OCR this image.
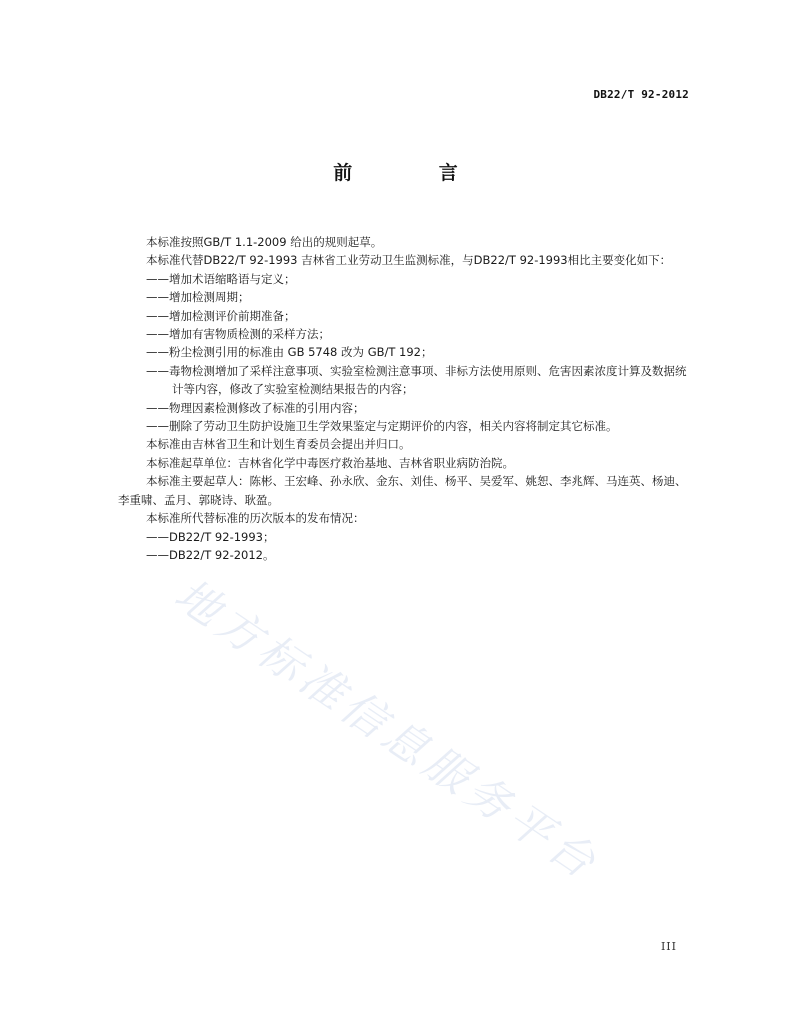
DB22/T 92-2012
前 言

本标准按照GB/T 1.1-2009 给出的规则起草。

本标准代替DB22/T 92-1993 吉林省工业劳动卫生监测标准，与DB22/T 92-1993相比主要变化如下：

——增加术语缩略语与定义；

——增加检测周期；

——增加检测评价前期准备；

——增加有害物质检测的采样方法；

——粉尘检测引用的标准由 GB 5748 改为 GB/T 192；

——毒物检测增加了采样注意事项、实验室检测注意事项、非标方法使用原则、危害因素浓度计算及数据统计等内容，修改了实验室检测结果报告的内容；

——物理因素检测修改了标准的引用内容；

——删除了劳动卫生防护设施卫生学效果鉴定与定期评价的内容，相关内容将制定其它标准。

本标准由吉林省卫生和计划生育委员会提出并归口。

本标准起草单位：吉林省化学中毒医疗救治基地、吉林省职业病防治院。

本标准主要起草人：陈彬、王宏峰、孙永欣、金东、刘佳、杨平、吴爱军、姚恕、李兆辉、马连英、杨迪、李重啸、孟月、郭晓诗、耿盈。

本标准所代替标准的历次版本的发布情况：

——DB22/T 92-1993；

——DB22/T 92-2012。

地方标准信息服务平台
III
